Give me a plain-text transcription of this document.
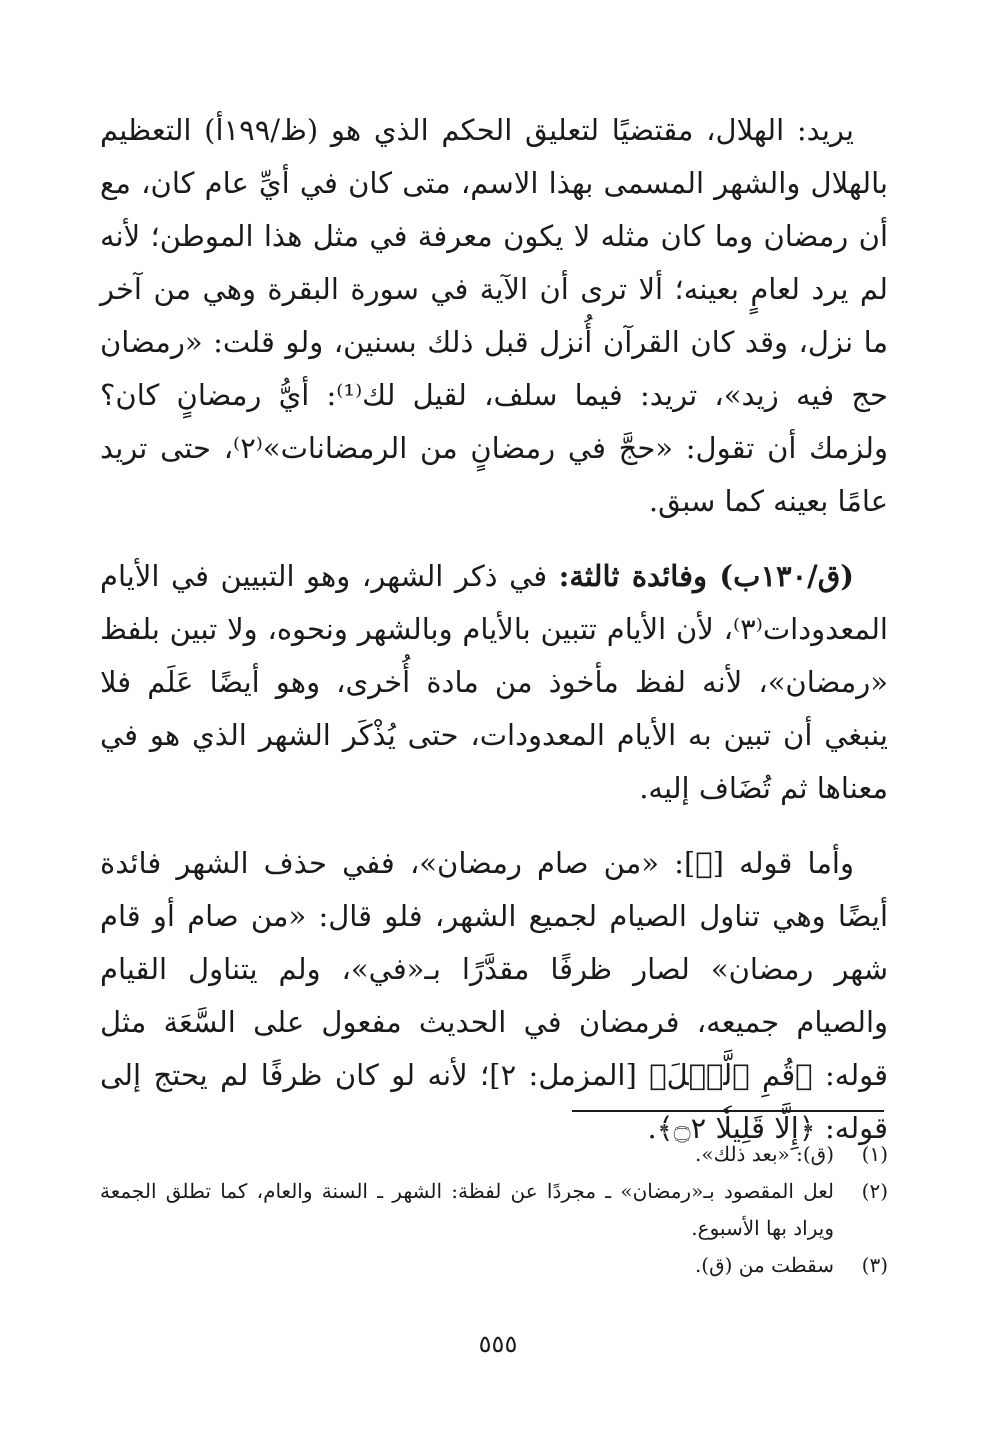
يريد: الهلال، مقتضيًا لتعليق الحكم الذي هو (ظ/١٩٩أ) التعظيم بالهلال والشهر المسمى بهذا الاسم، متى كان في أيِّ عام كان، مع أن رمضان وما كان مثله لا يكون معرفة في مثل هذا الموطن؛ لأنه لم يرد لعامٍ بعينه؛ ألا ترى أن الآية في سورة البقرة وهي من آخر ما نزل، وقد كان القرآن أُنزل قبل ذلك بسنين، ولو قلت: «رمضان حج فيه زيد»، تريد: فيما سلف، لقيل لك⁽¹⁾: أيُّ رمضانٍ كان؟ ولزمك أن تقول: «حجَّ في رمضانٍ من الرمضانات»⁽٢⁾، حتى تريد عامًا بعينه كما سبق.

(ق/١٣٠ب) وفائدة ثالثة: في ذكر الشهر، وهو التبيين في الأيام المعدودات⁽٣⁾، لأن الأيام تتبين بالأيام وبالشهر ونحوه، ولا تبين بلفظ «رمضان»، لأنه لفظ مأخوذ من مادة أُخرى، وهو أيضًا عَلَم فلا ينبغي أن تبين به الأيام المعدودات، حتى يُذْكَر الشهر الذي هو في معناها ثم تُضَاف إليه.

وأما قوله [ﷺ]: «من صام رمضان»، ففي حذف الشهر فائدة أيضًا وهي تناول الصيام لجميع الشهر، فلو قال: «من صام أو قام شهر رمضان» لصار ظرفًا مقدَّرًا بـ«في»، ولم يتناول القيام والصيام جميعه، فرمضان في الحديث مفعول على السَّعَة مثل قوله: ﴿قُمِ ٱلَّيۡلَ﴾ [المزمل: ٢]؛ لأنه لو كان ظرفًا لم يحتج إلى قوله: ﴿إِلَّا قَلِيلٗا ۝٢﴾.

(١)
(ق): «بعد ذلك».
(٢)
لعل المقصود بـ«رمضان» ـ مجردًا عن لفظة: الشهر ـ السنة والعام، كما تطلق الجمعة ويراد بها الأسبوع.
(٣)
سقطت من (ق).
٥٥٥
